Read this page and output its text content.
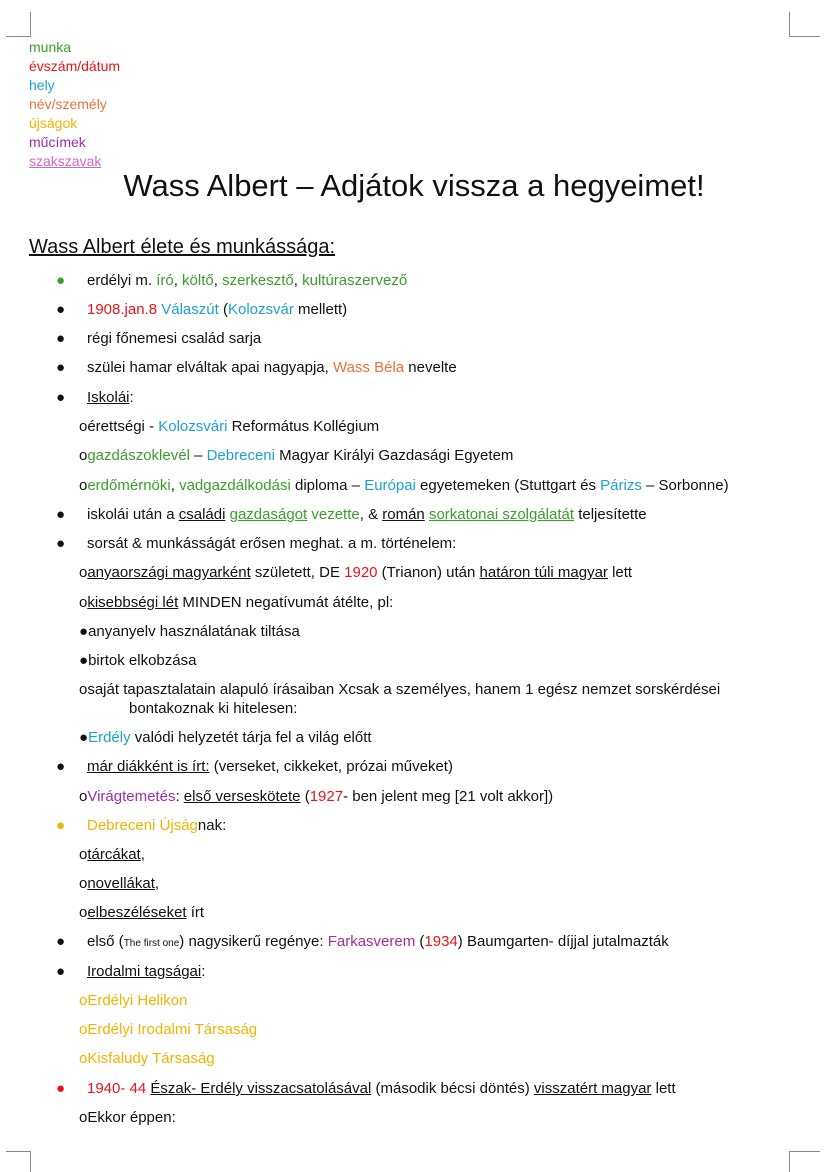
munka
évszám/dátum
hely
név/személy
újságok
műcímek
szakszavak
Wass Albert – Adjátok vissza a hegyeimet!
Wass Albert élete és munkássága:
● erdélyi m. író, költő, szerkesztő, kultúraszervező
● 1908.jan.8 Válaszút (Kolozsvár mellett)
● régi főnemesi család sarja
● szülei hamar elváltak apai nagyapja, Wass Béla nevelte
● Iskolái:
oérettségi - Kolozsvári Református Kollégium
ogazdászoklevél – Debreceni Magyar Királyi Gazdasági Egyetem
oerdőmérnöki, vadgazdálkodási diploma – Európai egyetemeken (Stuttgart és Párizs – Sorbonne)
● iskolái után a családi gazdaságot vezette, & román sorkatonai szolgálatát teljesítette
● sorsát & munkásságát erősen meghat. a m. történelem:
oanyaországi magyarként született, DE 1920 (Trianon) után határon túli magyar lett
okisebbségi lét MINDEN negatívumát átélte, pl:
●anyanyelv használatának tiltása
●birtok elkobzása
osaját tapasztalatain alapuló írásaiban Xcsak a személyes, hanem 1 egész nemzet sorskérdései
bontakoznak ki hitelesen:
●Erdély valódi helyzetét tárja fel a világ előtt
● már diákként is írt: (verseket, cikkeket, prózai műveket)
oVirágtemetés: első verseskötete (1927- ben jelent meg [21 volt akkor])
● Debreceni Újságnak:
otárcákat,
onovellákat,
oelbeszéléseket írt
● első (The first one) nagysikerű regénye: Farkasverem (1934) Baumgarten- díjjal jutalmazták
● Irodalmi tagságai:
oErdélyi Helikon
oErdélyi Irodalmi Társaság
oKisfaludy Társaság
● 1940- 44 Észak- Erdély visszacsatolásával (második bécsi döntés) visszatért magyar lett
oEkkor éppen:
